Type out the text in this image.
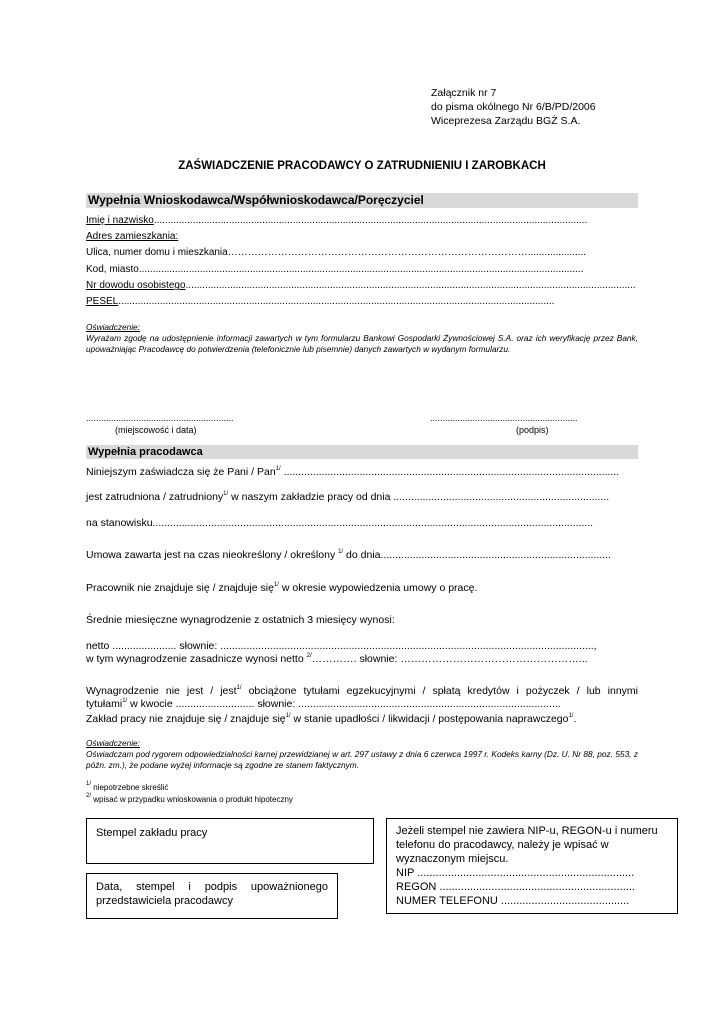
Załącznik nr 7
do pisma okólnego Nr 6/B/PD/2006
Wiceprezesa Zarządu BGŻ S.A.
ZAŚWIADCZENIE PRACODAWCY O ZATRUDNIENIU I ZAROBKACH
Wypełnia Wnioskodawca/Współwnioskodawca/Poręczyciel
Imię i nazwisko............................................................................................................................................................
Adres zamieszkania:
Ulica, numer domu i mieszkania……………………………………………………………………………….....................
Kod, miasto................................................................................................................................................................
Nr dowodu osobistego..................................................................................................................................................................
PESEL.............................................................................................................................................................
Oświadczenie:
Wyrażam zgodę na udostępnienie informacji zawartych w tym formularzu Bankowi Gospodarki Żywnościowej S.A. oraz ich weryfikację przez Bank, upoważniając Pracodawcę do potwierdzenia (telefonicznie lub pisemnie) danych zawartych w wydanym formularzu.
...........................................................
(miejscowość i data)
...........................................................
(podpis)
Wypełnia pracodawca
Niniejszym zaświadcza się że Pani / Pan$^{1/}$ ...................................................................................................................
jest zatrudniona / zatrudniony$^{1/}$ w naszym zakładzie pracy od dnia ..........................................................................
na stanowisku.......................................................................................................................................................
Umowa zawarta jest na czas nieokreślony / określony $^{1/}$ do dnia...............................................................................
Pracownik nie znajduje się / znajduje się$^{1/}$ w okresie wypowiedzenia umowy o pracę.
Średnie miesięczne wynagrodzenie z ostatnich 3 miesięcy wynosi:
netto ...................... słownie: ................................................................................................................................,
w tym wynagrodzenie zasadnicze wynosi netto $^{2/}$…………. słownie: ……………………………………………...
Wynagrodzenie nie jest / jest$^{1/}$ obciążone tytułami egzekucyjnymi / spłatą kredytów i pożyczek / lub innymi
tytułami$^{1/}$ w kwocie ........................... słownie: ..........................................................................................
Zakład pracy nie znajduje się / znajduje się$^{1/}$ w stanie upadłości / likwidacji / postępowania naprawczego$^{1/}$.
Oświadczenie:
Oświadczam pod rygorem odpowiedzialności karnej przewidzianej w art. 297 ustawy z dnia 6 czerwca 1997 r. Kodeks karny (Dz. U. Nr 88, poz. 553, z późn. zm.), że podane wyżej informacje są zgodne ze stanem faktycznym.
$^{1/}$ niepotrzebne skreślić
$^{2/}$ wpisać w przypadku wnioskowania o produkt hipoteczny
Stempel zakładu pracy
Data, stempel i podpis upoważnionego przedstawiciela pracodawcy
Jeżeli stempel nie zawiera NIP-u, REGON-u i numeru telefonu do pracodawcy, należy je wpisać w wyznaczonym miejscu.
NIP .......................................................................
REGON ................................................................
NUMER TELEFONU ..........................................
